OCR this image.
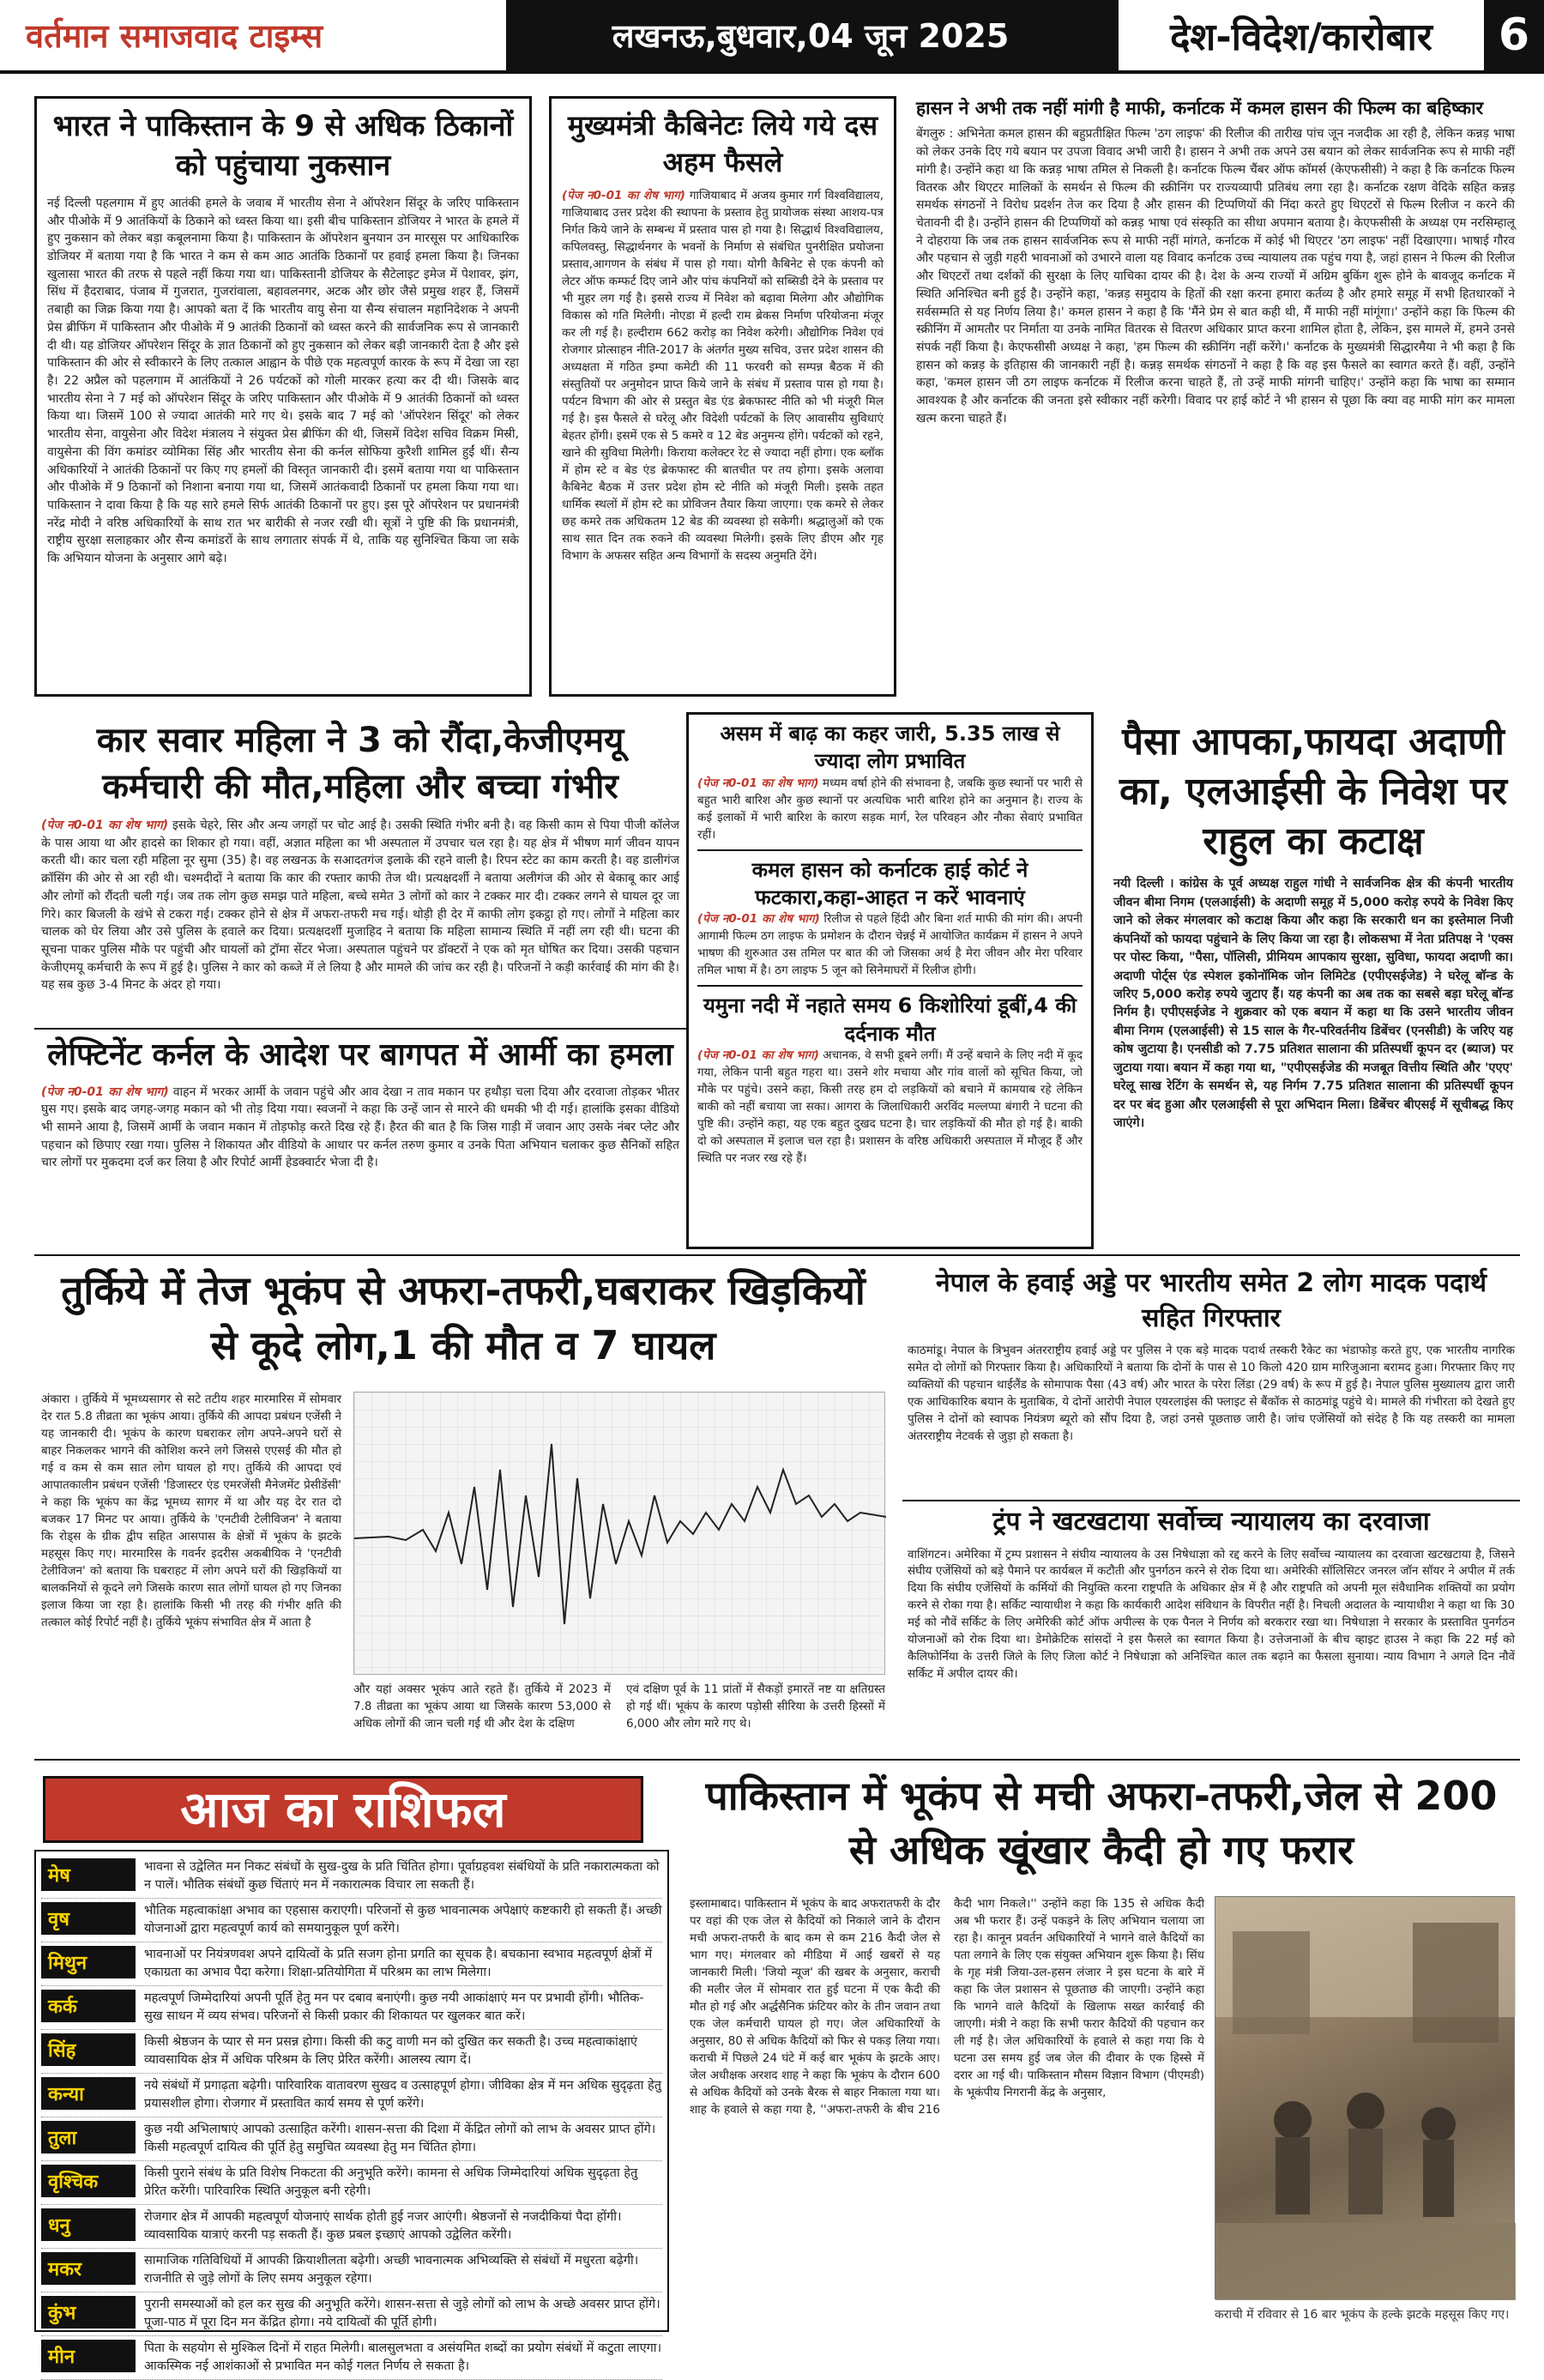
वर्तमान समाजवाद टाइम्स	लखनऊ,बुधवार,04 जून 2025	देश-विदेश/कारोबार	6
भारत ने पाकिस्तान के 9 से अधिक ठिकानों को पहुंचाया नुकसान

नई दिल्ली पहलगाम में हुए आतंकी हमले के जवाब में भारतीय सेना ने ऑपरेशन सिंदूर के जरिए पाकिस्तान और पीओके में 9 आतंकियों के ठिकाने को ध्वस्त किया था। इसी बीच पाकिस्तान डोजियर ने भारत के हमले में हुए नुकसान को लेकर बड़ा कबूलनामा किया है। पाकिस्तान के ऑपरेशन बुनयान उन मारसूस पर आधिकारिक डोजियर में बताया गया है कि भारत ने कम से कम आठ आतंकि ठिकानों पर हवाई हमला किया है। जिनका खुलासा भारत की तरफ से पहले नहीं किया गया था। पाकिस्तानी डोजियर के सैटेलाइट इमेज में पेशावर, झंग, सिंध में हैदराबाद, पंजाब में गुजरात, गुजरांवाला, बहावलनगर, अटक और छोर जैसे प्रमुख शहर हैं, जिसमें तबाही का जिक्र किया गया है। आपको बता दें कि भारतीय वायु सेना या सैन्य संचालन महानिदेशक ने अपनी प्रेस ब्रीफिंग में पाकिस्तान और पीओके में 9 आतंकी ठिकानों को ध्वस्त करने की सार्वजनिक रूप से जानकारी दी थी। यह डोजियर ऑपरेशन सिंदूर के ज्ञात ठिकानों को हुए नुकसान को लेकर बड़ी जानकारी देता है और इसे पाकिस्तान की ओर से स्वीकारने के लिए तत्काल आह्वान के पीछे एक महत्वपूर्ण कारक के रूप में देखा जा रहा है। 22 अप्रैल को पहलगाम में आतंकियों ने 26 पर्यटकों को गोली मारकर हत्या कर दी थी। जिसके बाद भारतीय सेना ने 7 मई को ऑपरेशन सिंदूर के जरिए पाकिस्तान और पीओके में 9 आतंकी ठिकानों को ध्वस्त किया था। जिसमें 100 से ज्यादा आतंकी मारे गए थे। इसके बाद 7 मई को 'ऑपरेशन सिंदूर' को लेकर भारतीय सेना, वायुसेना और विदेश मंत्रालय ने संयुक्त प्रेस ब्रीफिंग की थी, जिसमें विदेश सचिव विक्रम मिस्री, वायुसेना की विंग कमांडर व्योमिका सिंह और भारतीय सेना की कर्नल सोफिया कुरैशी शामिल हुईं थीं। सैन्य अधिकारियों ने आतंकी ठिकानों पर किए गए हमलों की विस्तृत जानकारी दी। इसमें बताया गया था पाकिस्तान और पीओके में 9 ठिकानों को निशाना बनाया गया था, जिसमें आतंकवादी ठिकानों पर हमला किया गया था। पाकिस्तान ने दावा किया है कि यह सारे हमले सिर्फ आतंकी ठिकानों पर हुए। इस पूरे ऑपरेशन पर प्रधानमंत्री नरेंद्र मोदी ने वरिष्ठ अधिकारियों के साथ रात भर बारीकी से नजर रखी थी। सूत्रों ने पुष्टि की कि प्रधानमंत्री, राष्ट्रीय सुरक्षा सलाहकार और सैन्य कमांडरों के साथ लगातार संपर्क में थे, ताकि यह सुनिश्चित किया जा सके कि अभियान योजना के अनुसार आगे बढ़े।

मुख्यमंत्री कैबिनेटः लिये गये दस अहम फैसले

(पेज न0-01 का शेष भाग) गाजियाबाद में अजय कुमार गर्ग विश्वविद्यालय, गाजियाबाद उत्तर प्रदेश की स्थापना के प्रस्ताव हेतु प्रायोजक संस्था आशय-पत्र निर्गत किये जाने के सम्बन्ध में प्रस्ताव पास हो गया है। सिद्धार्थ विश्वविद्यालय, कपिलवस्तु, सिद्धार्थनगर के भवनों के निर्माण से संबंधित पुनरीक्षित प्रयोजना प्रस्ताव,आगणन के संबंध में पास हो गया। योगी कैबिनेट से एक कंपनी को लेटर ऑफ कम्फर्ट दिए जाने और पांच कंपनियों को सब्सिडी देने के प्रस्ताव पर भी मुहर लग गई है। इससे राज्य में निवेश को बढ़ावा मिलेगा और औद्योगिक विकास को गति मिलेगी। नोएडा में हल्दी राम ब्रेकस निर्माण परियोजना मंजूर कर ली गई है। हल्दीराम 662 करोड़ का निवेश करेगी। औद्योगिक निवेश एवं रोजगार प्रोत्साहन नीति-2017 के अंतर्गत मुख्य सचिव, उत्तर प्रदेश शासन की अध्यक्षता में गठित इम्पा कमेटी की 11 फरवरी को सम्पन्न बैठक में की संस्तुतियों पर अनुमोदन प्राप्त किये जाने के संबंध में प्रस्ताव पास हो गया है। पर्यटन विभाग की ओर से प्रस्तुत बेड एंड ब्रेकफास्ट नीति को भी मंजूरी मिल गई है। इस फैसले से घरेलू और विदेशी पर्यटकों के लिए आवासीय सुविधाएं बेहतर होंगी। इसमें एक से 5 कमरे व 12 बेड अनुमन्य होंगे। पर्यटकों को रहने, खाने की सुविधा मिलेगी। किराया कलेक्टर रेट से ज्यादा नहीं होगा। एक ब्लॉक में होम स्टे व बेड एंड ब्रेकफास्ट की बातचीत पर तय होगा। इसके अलावा कैबिनेट बैठक में उत्तर प्रदेश होम स्टे नीति को मंजूरी मिली। इसके तहत धार्मिक स्थलों में होम स्टे का प्रोविजन तैयार किया जाएगा। एक कमरे से लेकर छह कमरे तक अधिकतम 12 बेड की व्यवस्था हो सकेगी। श्रद्धालुओं को एक साथ सात दिन तक रुकने की व्यवस्था मिलेगी। इसके लिए डीएम और गृह विभाग के अफसर सहित अन्य विभागों के सदस्य अनुमति देंगे।

हासन ने अभी तक नहीं मांगी है माफी, कर्नाटक में कमल हासन की फिल्म का बहिष्कार

बेंगलुरु : अभिनेता कमल हासन की बहुप्रतीक्षित फिल्म 'ठग लाइफ' की रिलीज की तारीख पांच जून नजदीक आ रही है, लेकिन कन्नड़ भाषा को लेकर उनके दिए गये बयान पर उपजा विवाद अभी जारी है। हासन ने अभी तक अपने उस बयान को लेकर सार्वजनिक रूप से माफी नहीं मांगी है। उन्होंने कहा था कि कन्नड़ भाषा तमिल से निकली है। कर्नाटक फिल्म चैंबर ऑफ कॉमर्स (केएफसीसी) ने कहा है कि कर्नाटक फिल्म वितरक और थिएटर मालिकों के समर्थन से फिल्म की स्क्रीनिंग पर राज्यव्यापी प्रतिबंध लगा रहा है। कर्नाटक रक्षण वेदिके सहित कन्नड़ समर्थक संगठनों ने विरोध प्रदर्शन तेज कर दिया है और हासन की टिप्पणियों की निंदा करते हुए थिएटरों से फिल्म रिलीज न करने की चेतावनी दी है। उन्होंने हासन की टिप्पणियों को कन्नड़ भाषा एवं संस्कृति का सीधा अपमान बताया है। केएफसीसी के अध्यक्ष एम नरसिम्हालू ने दोहराया कि जब तक हासन सार्वजनिक रूप से माफी नहीं मांगते, कर्नाटक में कोई भी थिएटर 'ठग लाइफ' नहीं दिखाएगा। भाषाई गौरव और पहचान से जुड़ी गहरी भावनाओं को उभारने वाला यह विवाद कर्नाटक उच्च न्यायालय तक पहुंच गया है, जहां हासन ने फिल्म की रिलीज और थिएटरों तथा दर्शकों की सुरक्षा के लिए याचिका दायर की है। देश के अन्य राज्यों में अग्रिम बुकिंग शुरू होने के बावजूद कर्नाटक में स्थिति अनिश्चित बनी हुई है। उन्होंने कहा, 'कन्नड़ समुदाय के हितों की रक्षा करना हमारा कर्तव्य है और हमारे समूह में सभी हितधारकों ने सर्वसम्मति से यह निर्णय लिया है।' कमल हासन ने कहा है कि 'मैंने प्रेम से बात कही थी, मैं माफी नहीं मांगूंगा।' उन्होंने कहा कि फिल्म की स्क्रीनिंग में आमतौर पर निर्माता या उनके नामित वितरक से वितरण अधिकार प्राप्त करना शामिल होता है, लेकिन, इस मामले में, हमने उनसे संपर्क नहीं किया है। केएफसीसी अध्यक्ष ने कहा, 'हम फिल्म की स्क्रीनिंग नहीं करेंगे।' कर्नाटक के मुख्यमंत्री सिद्धारमैया ने भी कहा है कि हासन को कन्नड़ के इतिहास की जानकारी नहीं है। कन्नड़ समर्थक संगठनों ने कहा है कि वह इस फैसले का स्वागत करते हैं। वहीं, उन्होंने कहा, 'कमल हासन जी ठग लाइफ कर्नाटक में रिलीज करना चाहते हैं, तो उन्हें माफी मांगनी चाहिए।' उन्होंने कहा कि भाषा का सम्मान आवश्यक है और कर्नाटक की जनता इसे स्वीकार नहीं करेगी। विवाद पर हाई कोर्ट ने भी हासन से पूछा कि क्या वह माफी मांग कर मामला खत्म करना चाहते हैं।

कार सवार महिला ने 3 को रौंदा,केजीएमयू कर्मचारी की मौत,महिला और बच्चा गंभीर

(पेज न0-01 का शेष भाग) इसके चेहरे, सिर और अन्य जगहों पर चोट आई है। उसकी स्थिति गंभीर बनी है। वह किसी काम से पिया पीजी कॉलेज के पास आया था और हादसे का शिकार हो गया। वहीं, अज्ञात महिला का भी अस्पताल में उपचार चल रहा है। यह क्षेत्र में भीषण मार्ग जीवन यापन करती थी। कार चला रही महिला नूर सुमा (35) है। वह लखनऊ के सआदतगंज इलाके की रहने वाली है। रिपन स्टेट का काम करती है। वह डालीगंज क्रॉसिंग की ओर से आ रही थी। चश्मदीदों ने बताया कि कार की रफ्तार काफी तेज थी। प्रत्यक्षदर्शी ने बताया अलीगंज की ओर से बेकाबू कार आई और लोगों को रौंदती चली गई। जब तक लोग कुछ समझ पाते महिला, बच्चे समेत 3 लोगों को कार ने टक्कर मार दी। टक्कर लगने से घायल दूर जा गिरे। कार बिजली के खंभे से टकरा गई। टक्कर होने से क्षेत्र में अफरा-तफरी मच गई। थोड़ी ही देर में काफी लोग इकट्ठा हो गए। लोगों ने महिला कार चालक को घेर लिया और उसे पुलिस के हवाले कर दिया। प्रत्यक्षदर्शी मुजाहिद ने बताया कि महिला सामान्य स्थिति में नहीं लग रही थी। घटना की सूचना पाकर पुलिस मौके पर पहुंची और घायलों को ट्रॉमा सेंटर भेजा। अस्पताल पहुंचने पर डॉक्टरों ने एक को मृत घोषित कर दिया। उसकी पहचान केजीएमयू कर्मचारी के रूप में हुई है। पुलिस ने कार को कब्जे में ले लिया है और मामले की जांच कर रही है। परिजनों ने कड़ी कार्रवाई की मांग की है। यह सब कुछ 3-4 मिनट के अंदर हो गया।

लेफ्टिनेंट कर्नल के आदेश पर बागपत में आर्मी का हमला

(पेज न0-01 का शेष भाग) वाहन में भरकर आर्मी के जवान पहुंचे और आव देखा न ताव मकान पर हथौड़ा चला दिया और दरवाजा तोड़कर भीतर घुस गए। इसके बाद जगह-जगह मकान को भी तोड़ दिया गया। स्वजनों ने कहा कि उन्हें जान से मारने की धमकी भी दी गई। हालांकि इसका वीडियो भी सामने आया है, जिसमें आर्मी के जवान मकान में तोड़फोड़ करते दिख रहे हैं। हैरत की बात है कि जिस गाड़ी में जवान आए उसके नंबर प्लेट और पहचान को छिपाए रखा गया। पुलिस ने शिकायत और वीडियो के आधार पर कर्नल तरुण कुमार व उनके पिता अभियान चलाकर कुछ सैनिकों सहित चार लोगों पर मुकदमा दर्ज कर लिया है और रिपोर्ट आर्मी हेडक्वार्टर भेजा दी है।

असम में बाढ़ का कहर जारी, 5.35 लाख से ज्यादा लोग प्रभावित

(पेज न0-01 का शेष भाग) मध्यम वर्षा होने की संभावना है, जबकि कुछ स्थानों पर भारी से बहुत भारी बारिश और कुछ स्थानों पर अत्यधिक भारी बारिश होने का अनुमान है। राज्य के कई इलाकों में भारी बारिश के कारण सड़क मार्ग, रेल परिवहन और नौका सेवाएं प्रभावित रहीं।

कमल हासन को कर्नाटक हाई कोर्ट ने फटकारा,कहा-आहत न करें भावनाएं

(पेज न0-01 का शेष भाग) रिलीज से पहले हिंदी और बिना शर्त माफी की मांग की। अपनी आगामी फिल्म ठग लाइफ के प्रमोशन के दौरान चेन्नई में आयोजित कार्यक्रम में हासन ने अपने भाषण की शुरुआत उस तमिल पर बात की जो जिसका अर्थ है मेरा जीवन और मेरा परिवार तमिल भाषा में है। ठग लाइफ 5 जून को सिनेमाघरों में रिलीज होगी।

यमुना नदी में नहाते समय 6 किशोरियां डूबीं,4 की दर्दनाक मौत

(पेज न0-01 का शेष भाग) अचानक, वे सभी डूबने लगीं। मैं उन्हें बचाने के लिए नदी में कूद गया, लेकिन पानी बहुत गहरा था। उसने शोर मचाया और गांव वालों को सूचित किया, जो मौके पर पहुंचे। उसने कहा, किसी तरह हम दो लड़कियों को बचाने में कामयाब रहे लेकिन बाकी को नहीं बचाया जा सका। आगरा के जिलाधिकारी अरविंद मल्लप्पा बंगारी ने घटना की पुष्टि की। उन्होंने कहा, यह एक बहुत दुखद घटना है। चार लड़कियों की मौत हो गई है। बाकी दो को अस्पताल में इलाज चल रहा है। प्रशासन के वरिष्ठ अधिकारी अस्पताल में मौजूद हैं और स्थिति पर नजर रख रहे हैं।

पैसा आपका,फायदा अदाणी का, एलआईसी के निवेश पर राहुल का कटाक्ष

नयी दिल्ली । कांग्रेस के पूर्व अध्यक्ष राहुल गांधी ने सार्वजनिक क्षेत्र की कंपनी भारतीय जीवन बीमा निगम (एलआईसी) के अदाणी समूह में 5,000 करोड़ रुपये के निवेश किए जाने को लेकर मंगलवार को कटाक्ष किया और कहा कि सरकारी धन का इस्तेमाल निजी कंपनियों को फायदा पहुंचाने के लिए किया जा रहा है। लोकसभा में नेता प्रतिपक्ष ने 'एक्स पर पोस्ट किया, "पैसा, पॉलिसी, प्रीमियम आपकाय सुरक्षा, सुविधा, फायदा अदाणी का। अदाणी पोर्ट्स एंड स्पेशल इकोनॉमिक जोन लिमिटेड (एपीएसईजेड) ने घरेलू बॉन्ड के जरिए 5,000 करोड़ रुपये जुटाए हैं। यह कंपनी का अब तक का सबसे बड़ा घरेलू बॉन्ड निर्गम है। एपीएसईजेड ने शुक्रवार को एक बयान में कहा था कि उसने भारतीय जीवन बीमा निगम (एलआईसी) से 15 साल के गैर-परिवर्तनीय डिबेंचर (एनसीडी) के जरिए यह कोष जुटाया है। एनसीडी को 7.75 प्रतिशत सालाना की प्रतिस्पर्धी कूपन दर (ब्याज) पर जुटाया गया। बयान में कहा गया था, "एपीएसईजेड की मजबूत वित्तीय स्थिति और 'एएए' घरेलू साख रेटिंग के समर्थन से, यह निर्गम 7.75 प्रतिशत सालाना की प्रतिस्पर्धी कूपन दर पर बंद हुआ और एलआईसी से पूरा अभिदान मिला। डिबेंचर बीएसई में सूचीबद्ध किए जाएंगे।

तुर्किये में तेज भूकंप से अफरा-तफरी,घबराकर खिड़कियों से कूदे लोग,1 की मौत व 7 घायल

अंकारा । तुर्किये में भूमध्यसागर से सटे तटीय शहर मारमारिस में सोमवार देर रात 5.8 तीव्रता का भूकंप आया। तुर्किये की आपदा प्रबंधन एजेंसी ने यह जानकारी दी। भूकंप के कारण घबराकर लोग अपने-अपने घरों से बाहर निकलकर भागने की कोशिश करने लगे जिससे एएसई की मौत हो गई व कम से कम सात लोग घायल हो गए। तुर्किये की आपदा एवं आपातकालीन प्रबंधन एजेंसी 'डिजास्टर एंड एमरजेंसी मैनेजमेंट प्रेसीडेंसी' ने कहा कि भूकंप का केंद्र भूमध्य सागर में था और यह देर रात दो बजकर 17 मिनट पर आया। तुर्किये के 'एनटीवी टेलीविजन' ने बताया कि रोड्स के ग्रीक द्वीप सहित आसपास के क्षेत्रों में भूकंप के झटके महसूस किए गए। मारमारिस के गवर्नर इदरीस अकबीयिक ने 'एनटीवी टेलीविजन' को बताया कि घबराहट में लोग अपने घरों की खिड़कियों या बालकनियों से कूदने लगे जिसके कारण सात लोगों घायल हो गए जिनका इलाज किया जा रहा है। हालांकि किसी भी तरह की गंभीर क्षति की तत्काल कोई रिपोर्ट नहीं है। तुर्किये भूकंप संभावित क्षेत्र में आता है

और यहां अक्सर भूकंप आते रहते हैं। तुर्किये में 2023 में 7.8 तीव्रता का भूकंप आया था जिसके कारण 53,000 से अधिक लोगों की जान चली गई थी और देश के दक्षिण

एवं दक्षिण पूर्व के 11 प्रांतों में सैकड़ों इमारतें नष्ट या क्षतिग्रस्त हो गई थीं। भूकंप के कारण पड़ोसी सीरिया के उत्तरी हिस्सों में 6,000 और लोग मारे गए थे।

नेपाल के हवाई अड्डे पर भारतीय समेत 2 लोग मादक पदार्थ सहित गिरफ्तार

काठमांडू। नेपाल के त्रिभुवन अंतरराष्ट्रीय हवाई अड्डे पर पुलिस ने एक बड़े मादक पदार्थ तस्करी रैकेट का भंडाफोड़ करते हुए, एक भारतीय नागरिक समेत दो लोगों को गिरफ्तार किया है। अधिकारियों ने बताया कि दोनों के पास से 10 किलो 420 ग्राम मारिजुआना बरामद हुआ। गिरफ्तार किए गए व्यक्तियों की पहचान थाईलैंड के सोमापाक पैसा (43 वर्ष) और भारत के परेरा लिंडा (29 वर्ष) के रूप में हुई है। नेपाल पुलिस मुख्यालय द्वारा जारी एक आधिकारिक बयान के मुताबिक, ये दोनों आरोपी नेपाल एयरलाइंस की फ्लाइट से बैंकॉक से काठमांडू पहुंचे थे। मामले की गंभीरता को देखते हुए पुलिस ने दोनों को स्वापक नियंत्रण ब्यूरो को सौंप दिया है, जहां उनसे पूछताछ जारी है। जांच एजेंसियों को संदेह है कि यह तस्करी का मामला अंतरराष्ट्रीय नेटवर्क से जुड़ा हो सकता है।

ट्रंप ने खटखटाया सर्वोच्च न्यायालय का दरवाजा

वाशिंगटन। अमेरिका में ट्रम्प प्रशासन ने संघीय न्यायालय के उस निषेधाज्ञा को रद्द करने के लिए सर्वोच्च न्यायालय का दरवाजा खटखटाया है, जिसने संघीय एजेंसियों को बड़े पैमाने पर कार्यबल में कटौती और पुनर्गठन करने से रोक दिया था। अमेरिकी सॉलिसिटर जनरल जॉन सॉयर ने अपील में तर्क दिया कि संघीय एजेंसियों के कर्मियों की नियुक्ति करना राष्ट्रपति के अधिकार क्षेत्र में है और राष्ट्रपति को अपनी मूल संवैधानिक शक्तियों का प्रयोग करने से रोका गया है। सर्किट न्यायाधीश ने कहा कि कार्यकारी आदेश संविधान के विपरीत नहीं है। निचली अदालत के न्यायाधीश ने कहा था कि 30 मई को नौवें सर्किट के लिए अमेरिकी कोर्ट ऑफ अपील्स के एक पैनल ने निर्णय को बरकरार रखा था। निषेधाज्ञा ने सरकार के प्रस्तावित पुनर्गठन योजनाओं को रोक दिया था। डेमोक्रेटिक सांसदों ने इस फैसले का स्वागत किया है। उत्तेजनाओं के बीच व्हाइट हाउस ने कहा कि 22 मई को कैलिफोर्निया के उत्तरी जिले के लिए जिला कोर्ट ने निषेधाज्ञा को अनिश्चित काल तक बढ़ाने का फैसला सुनाया। न्याय विभाग ने अगले दिन नौवें सर्किट में अपील दायर की।

आज का राशिफल
मेष	भावना से उद्वेलित मन निकट संबंधों के सुख-दुख के प्रति चिंतित होगा। पूर्वाग्रहवश संबंधियों के प्रति नकारात्मकता को न पालें। भौतिक संबंधों कुछ चिंताएं मन में नकारात्मक विचार ला सकती हैं।
वृष	भौतिक महत्वाकांक्षा अभाव का एहसास कराएगी। परिजनों से कुछ भावनात्मक अपेक्षाएं कष्टकारी हो सकती हैं। अच्छी योजनाओं द्वारा महत्वपूर्ण कार्य को समयानुकूल पूर्ण करेंगे।
मिथुन	भावनाओं पर नियंत्रणवश अपने दायित्वों के प्रति सजग होना प्रगति का सूचक है। बचकाना स्वभाव महत्वपूर्ण क्षेत्रों में एकाग्रता का अभाव पैदा करेगा। शिक्षा-प्रतियोगिता में परिश्रम का लाभ मिलेगा।
कर्क	महत्वपूर्ण जिम्मेदारियां अपनी पूर्ति हेतु मन पर दबाव बनाएंगी। कुछ नयी आकांक्षाएं मन पर प्रभावी होंगी। भौतिक-सुख साधन में व्यय संभव। परिजनों से किसी प्रकार की शिकायत पर खुलकर बात करें।
सिंह	किसी श्रेष्ठजन के प्यार से मन प्रसन्न होगा। किसी की कटु वाणी मन को दुखित कर सकती है। उच्च महत्वाकांक्षाएं व्यावसायिक क्षेत्र में अधिक परिश्रम के लिए प्रेरित करेंगी। आलस्य त्याग दें।
कन्या	नये संबंधों में प्रगाढ़ता बढ़ेगी। पारिवारिक वातावरण सुखद व उत्साहपूर्ण होगा। जीविका क्षेत्र में मन अधिक सुदृढ़ता हेतु प्रयासशील होगा। रोजगार में प्रस्तावित कार्य समय से पूर्ण करेंगे।
तुला	कुछ नयी अभिलाषाएं आपको उत्साहित करेंगी। शासन-सत्ता की दिशा में केंद्रित लोगों को लाभ के अवसर प्राप्त होंगे। किसी महत्वपूर्ण दायित्व की पूर्ति हेतु समुचित व्यवस्था हेतु मन चिंतित होगा।
वृश्चिक	किसी पुराने संबंध के प्रति विशेष निकटता की अनुभूति करेंगे। कामना से अधिक जिम्मेदारियां अधिक सुदृढ़ता हेतु प्रेरित करेंगी। पारिवारिक स्थिति अनुकूल बनी रहेगी।
धनु	रोजगार क्षेत्र में आपकी महत्वपूर्ण योजनाएं सार्थक होती हुई नजर आएंगी। श्रेष्ठजनों से नजदीकियां पैदा होंगी। व्यावसायिक यात्राएं करनी पड़ सकती हैं। कुछ प्रबल इच्छाएं आपको उद्वेलित करेंगी।
मकर	सामाजिक गतिविधियों में आपकी क्रियाशीलता बढ़ेगी। अच्छी भावनात्मक अभिव्यक्ति से संबंधों में मधुरता बढ़ेगी। राजनीति से जुड़े लोगों के लिए समय अनुकूल रहेगा।
कुंभ	पुरानी समस्याओं को हल कर सुख की अनुभूति करेंगे। शासन-सत्ता से जुड़े लोगों को लाभ के अच्छे अवसर प्राप्त होंगे। पूजा-पाठ में पूरा दिन मन केंद्रित होगा। नये दायित्वों की पूर्ति होगी।
मीन	पिता के सहयोग से मुश्किल दिनों में राहत मिलेगी। बालसुलभता व असंयमित शब्दों का प्रयोग संबंधों में कटुता लाएगा। आकस्मिक नई आशंकाओं से प्रभावित मन कोई गलत निर्णय ले सकता है।
पाकिस्तान में भूकंप से मची अफरा-तफरी,जेल से 200 से अधिक खूंखार कैदी हो गए फरार

इस्लामाबाद। पाकिस्तान में भूकंप के बाद अफरातफरी के दौर पर वहां की एक जेल से कैदियों को निकाले जाने के दौरान मची अफरा-तफरी के बाद कम से कम 216 कैदी जेल से भाग गए। मंगलवार को मीडिया में आई खबरों से यह जानकारी मिली। 'जियो न्यूज' की खबर के अनुसार, कराची की मलीर जेल में सोमवार रात हुई घटना में एक कैदी की मौत हो गई और अर्द्धसैनिक फ्रंटियर कोर के तीन जवान तथा एक जेल कर्मचारी घायल हो गए। जेल अधिकारियों के अनुसार, 80 से अधिक कैदियों को फिर से पकड़ लिया गया। कराची में पिछले 24 घंटे में कई बार भूकंप के झटके आए। जेल अधीक्षक अरशद शाह ने कहा कि भूकंप के दौरान 600 से अधिक कैदियों को उनके बैरक से बाहर निकाला गया था। शाह के हवाले से कहा गया है, ''अफरा-तफरी के बीच 216 कैदी भाग निकले।'' उन्होंने कहा कि 135 से अधिक कैदी अब भी फरार हैं। उन्हें पकड़ने के लिए अभियान चलाया जा रहा है। कानून प्रवर्तन अधिकारियों ने भागने वाले कैदियों का पता लगाने के लिए एक संयुक्त अभियान शुरू किया है। सिंध के गृह मंत्री जिया-उल-हसन लंजार ने इस घटना के बारे में कहा कि जेल प्रशासन से पूछताछ की जाएगी। उन्होंने कहा कि भागने वाले कैदियों के खिलाफ सख्त कार्रवाई की जाएगी। मंत्री ने कहा कि सभी फरार कैदियों की पहचान कर ली गई है। जेल अधिकारियों के हवाले से कहा गया कि ये घटना उस समय हुई जब जेल की दीवार के एक हिस्से में दरार आ गई थी। पाकिस्तान मौसम विज्ञान विभाग (पीएमडी) के भूकंपीय निगरानी केंद्र के अनुसार,

कराची में रविवार से 16 बार भूकंप के हल्के झटके महसूस किए गए।
